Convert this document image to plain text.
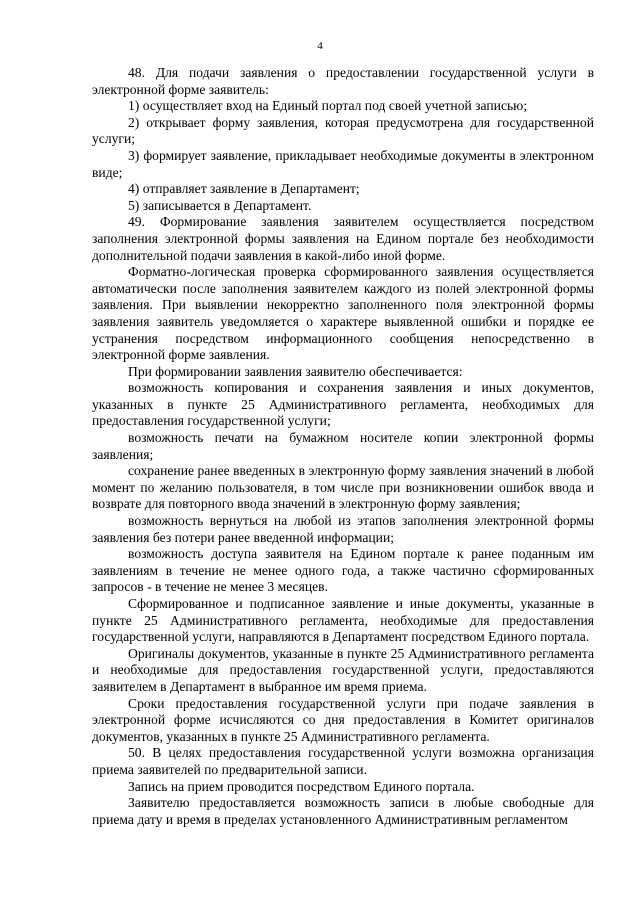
4

48. Для подачи заявления о предоставлении государственной услуги в электронной форме заявитель:

1) осуществляет вход на Единый портал под своей учетной записью;

2) открывает форму заявления, которая предусмотрена для государственной услуги;

3) формирует заявление, прикладывает необходимые документы в электронном виде;

4) отправляет заявление в Департамент;

5) записывается в Департамент.

49. Формирование заявления заявителем осуществляется посредством заполнения электронной формы заявления на Едином портале без необходимости дополнительной подачи заявления в какой-либо иной форме.

Форматно-логическая проверка сформированного заявления осуществляется автоматически после заполнения заявителем каждого из полей электронной формы заявления. При выявлении некорректно заполненного поля электронной формы заявления заявитель уведомляется о характере выявленной ошибки и порядке ее устранения посредством информационного сообщения непосредственно в электронной форме заявления.

При формировании заявления заявителю обеспечивается:

возможность копирования и сохранения заявления и иных документов, указанных в пункте 25 Административного регламента, необходимых для предоставления государственной услуги;

возможность печати на бумажном носителе копии электронной формы заявления;

сохранение ранее введенных в электронную форму заявления значений в любой момент по желанию пользователя, в том числе при возникновении ошибок ввода и возврате для повторного ввода значений в электронную форму заявления;

возможность вернуться на любой из этапов заполнения электронной формы заявления без потери ранее введенной информации;

возможность доступа заявителя на Едином портале к ранее поданным им заявлениям в течение не менее одного года, а также частично сформированных запросов - в течение не менее 3 месяцев.

Сформированное и подписанное заявление и иные документы, указанные в пункте 25 Административного регламента, необходимые для предоставления государственной услуги, направляются в Департамент посредством Единого портала.

Оригиналы документов, указанные в пункте 25 Административного регламента и необходимые для предоставления государственной услуги, предоставляются заявителем в Департамент в выбранное им время приема.

Сроки предоставления государственной услуги при подаче заявления в электронной форме исчисляются со дня предоставления в Комитет оригиналов документов, указанных в пункте 25 Административного регламента.

50. В целях предоставления государственной услуги возможна организация приема заявителей по предварительной записи.

Запись на прием проводится посредством Единого портала.

Заявителю предоставляется возможность записи в любые свободные для приема дату и время в пределах установленного Административным регламентом
